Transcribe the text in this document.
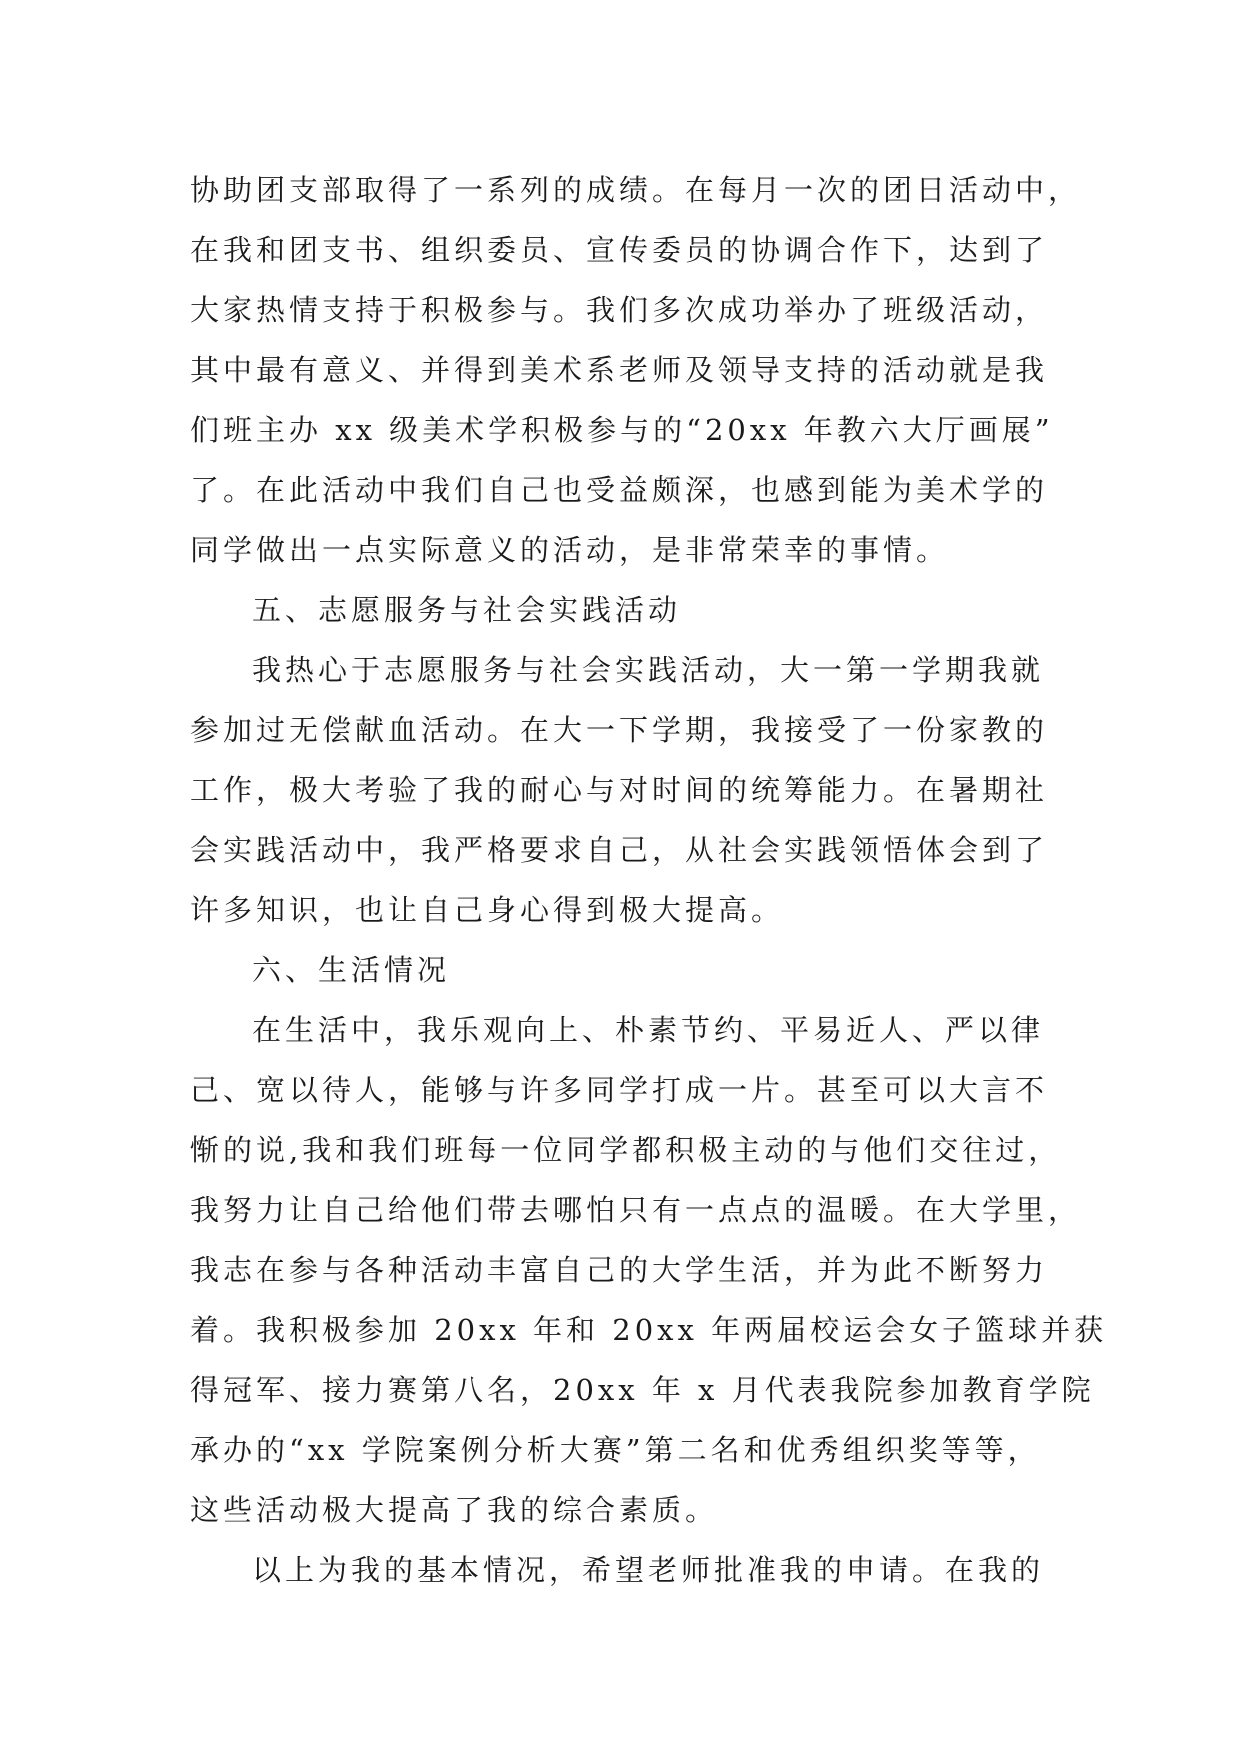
协助团支部取得了一系列的成绩。在每月一次的团日活动中，
在我和团支书、组织委员、宣传委员的协调合作下，达到了
大家热情支持于积极参与。我们多次成功举办了班级活动，
其中最有意义、并得到美术系老师及领导支持的活动就是我
们班主办 xx 级美术学积极参与的“20xx 年教六大厅画展”
了。在此活动中我们自己也受益颇深，也感到能为美术学的
同学做出一点实际意义的活动，是非常荣幸的事情。
五、志愿服务与社会实践活动
我热心于志愿服务与社会实践活动，大一第一学期我就
参加过无偿献血活动。在大一下学期，我接受了一份家教的
工作，极大考验了我的耐心与对时间的统筹能力。在暑期社
会实践活动中，我严格要求自己，从社会实践领悟体会到了
许多知识，也让自己身心得到极大提高。
六、生活情况
在生活中，我乐观向上、朴素节约、平易近人、严以律
己、宽以待人，能够与许多同学打成一片。甚至可以大言不
惭的说,我和我们班每一位同学都积极主动的与他们交往过，
我努力让自己给他们带去哪怕只有一点点的温暖。在大学里，
我志在参与各种活动丰富自己的大学生活，并为此不断努力
着。我积极参加 20xx 年和 20xx 年两届校运会女子篮球并获
得冠军、接力赛第八名，20xx 年 x 月代表我院参加教育学院
承办的“xx 学院案例分析大赛”第二名和优秀组织奖等等，
这些活动极大提高了我的综合素质。
以上为我的基本情况，希望老师批准我的申请。在我的
